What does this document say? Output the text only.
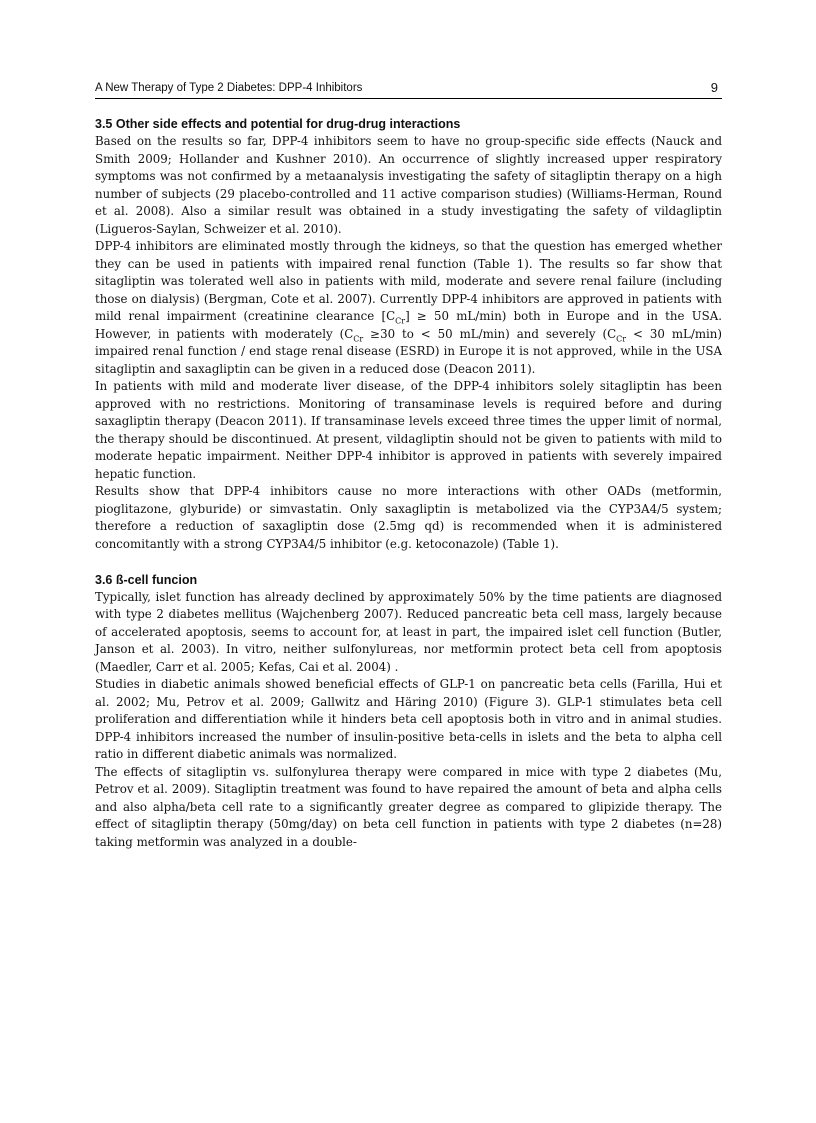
A New Therapy of Type 2 Diabetes: DPP-4 Inhibitors	9
3.5 Other side effects and potential for drug-drug interactions

Based on the results so far, DPP-4 inhibitors seem to have no group-specific side effects (Nauck and Smith 2009; Hollander and Kushner 2010). An occurrence of slightly increased upper respiratory symptoms was not confirmed by a metaanalysis investigating the safety of sitagliptin therapy on a high number of subjects (29 placebo-controlled and 11 active comparison studies) (Williams-Herman, Round et al. 2008). Also a similar result was obtained in a study investigating the safety of vildagliptin (Ligueros-Saylan, Schweizer et al. 2010).

DPP-4 inhibitors are eliminated mostly through the kidneys, so that the question has emerged whether they can be used in patients with impaired renal function (Table 1). The results so far show that sitagliptin was tolerated well also in patients with mild, moderate and severe renal failure (including those on dialysis) (Bergman, Cote et al. 2007). Currently DPP-4 inhibitors are approved in patients with mild renal impairment (creatinine clearance $[C_{Cr}] \ge 50$ mL/min) both in Europe and in the USA. However, in patients with moderately ($C_{Cr} \ge 30$ to < 50 mL/min) and severely ($C_{Cr} < 30$ mL/min) impaired renal function / end stage renal disease (ESRD) in Europe it is not approved, while in the USA sitagliptin and saxagliptin can be given in a reduced dose (Deacon 2011).

In patients with mild and moderate liver disease, of the DPP-4 inhibitors solely sitagliptin has been approved with no restrictions. Monitoring of transaminase levels is required before and during saxagliptin therapy (Deacon 2011). If transaminase levels exceed three times the upper limit of normal, the therapy should be discontinued. At present, vildagliptin should not be given to patients with mild to moderate hepatic impairment. Neither DPP-4 inhibitor is approved in patients with severely impaired hepatic function.

Results show that DPP-4 inhibitors cause no more interactions with other OADs (metformin, pioglitazone, glyburide) or simvastatin. Only saxagliptin is metabolized via the CYP3A4/5 system; therefore a reduction of saxagliptin dose (2.5mg qd) is recommended when it is administered concomitantly with a strong CYP3A4/5 inhibitor (e.g. ketoconazole) (Table 1).

3.6 ß-cell funcion

Typically, islet function has already declined by approximately 50% by the time patients are diagnosed with type 2 diabetes mellitus (Wajchenberg 2007). Reduced pancreatic beta cell mass, largely because of accelerated apoptosis, seems to account for, at least in part, the impaired islet cell function (Butler, Janson et al. 2003). In vitro, neither sulfonylureas, nor metformin protect beta cell from apoptosis (Maedler, Carr et al. 2005; Kefas, Cai et al. 2004) .

Studies in diabetic animals showed beneficial effects of GLP-1 on pancreatic beta cells (Farilla, Hui et al. 2002; Mu, Petrov et al. 2009; Gallwitz and Häring 2010) (Figure 3). GLP-1 stimulates beta cell proliferation and differentiation while it hinders beta cell apoptosis both in vitro and in animal studies. DPP-4 inhibitors increased the number of insulin-positive beta-cells in islets and the beta to alpha cell ratio in different diabetic animals was normalized.

The effects of sitagliptin vs. sulfonylurea therapy were compared in mice with type 2 diabetes (Mu, Petrov et al. 2009). Sitagliptin treatment was found to have repaired the amount of beta and alpha cells and also alpha/beta cell rate to a significantly greater degree as compared to glipizide therapy. The effect of sitagliptin therapy (50mg/day) on beta cell function in patients with type 2 diabetes (n=28) taking metformin was analyzed in a double-
